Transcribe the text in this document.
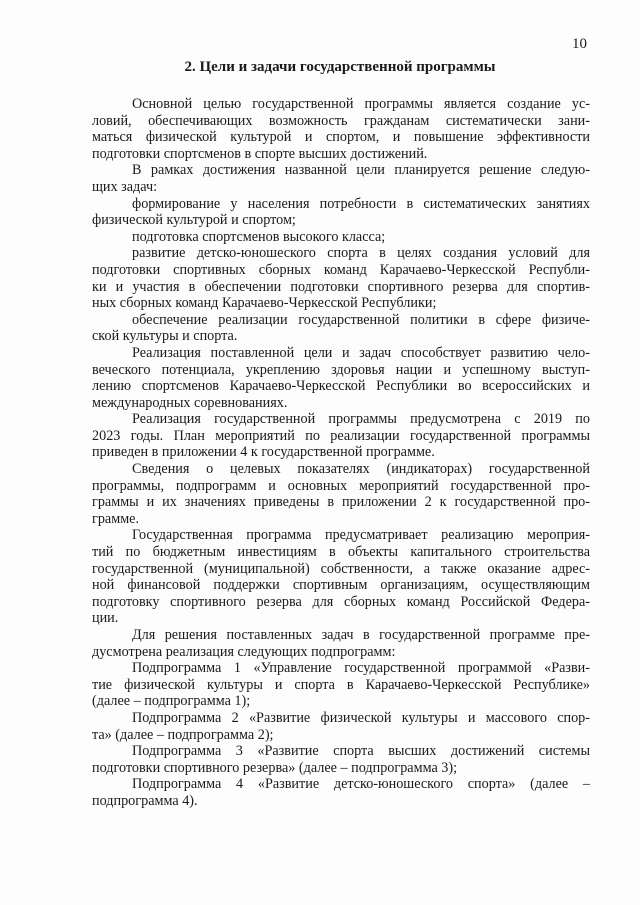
10
2. Цели и задачи государственной программы
Основной целью государственной программы является создание ус-
ловий, обеспечивающих возможность гражданам систематически зани-
маться физической культурой и спортом, и повышение эффективности
подготовки спортсменов в спорте высших достижений.
В рамках достижения названной цели планируется решение следую-
щих задач:
формирование у населения потребности в систематических занятиях
физической культурой и спортом;
подготовка спортсменов высокого класса;
развитие детско-юношеского спорта в целях создания условий для
подготовки спортивных сборных команд Карачаево-Черкесской Республи-
ки и участия в обеспечении подготовки спортивного резерва для спортив-
ных сборных команд Карачаево-Черкесской Республики;
обеспечение реализации государственной политики в сфере физиче-
ской культуры и спорта.
Реализация поставленной цели и задач способствует развитию чело-
веческого потенциала, укреплению здоровья нации и успешному выступ-
лению спортсменов Карачаево-Черкесской Республики во всероссийских и
международных соревнованиях.
Реализация государственной программы предусмотрена с 2019 по
2023 годы. План мероприятий по реализации государственной программы
приведен в приложении 4 к государственной программе.
Сведения о целевых показателях (индикаторах) государственной
программы, подпрограмм и основных мероприятий государственной про-
граммы и их значениях приведены в приложении 2 к государственной про-
грамме.
Государственная программа предусматривает реализацию мероприя-
тий по бюджетным инвестициям в объекты капитального строительства
государственной (муниципальной) собственности, а также оказание адрес-
ной финансовой поддержки спортивным организациям, осуществляющим
подготовку спортивного резерва для сборных команд Российской Федера-
ции.
Для решения поставленных задач в государственной программе пре-
дусмотрена реализация следующих подпрограмм:
Подпрограмма 1 «Управление государственной программой «Разви-
тие физической культуры и спорта в Карачаево-Черкесской Республике»
(далее – подпрограмма 1);
Подпрограмма 2 «Развитие физической культуры и массового спор-
та» (далее – подпрограмма 2);
Подпрограмма 3 «Развитие спорта высших достижений системы
подготовки спортивного резерва» (далее – подпрограмма 3);
Подпрограмма 4 «Развитие детско-юношеского спорта» (далее –
подпрограмма 4).
